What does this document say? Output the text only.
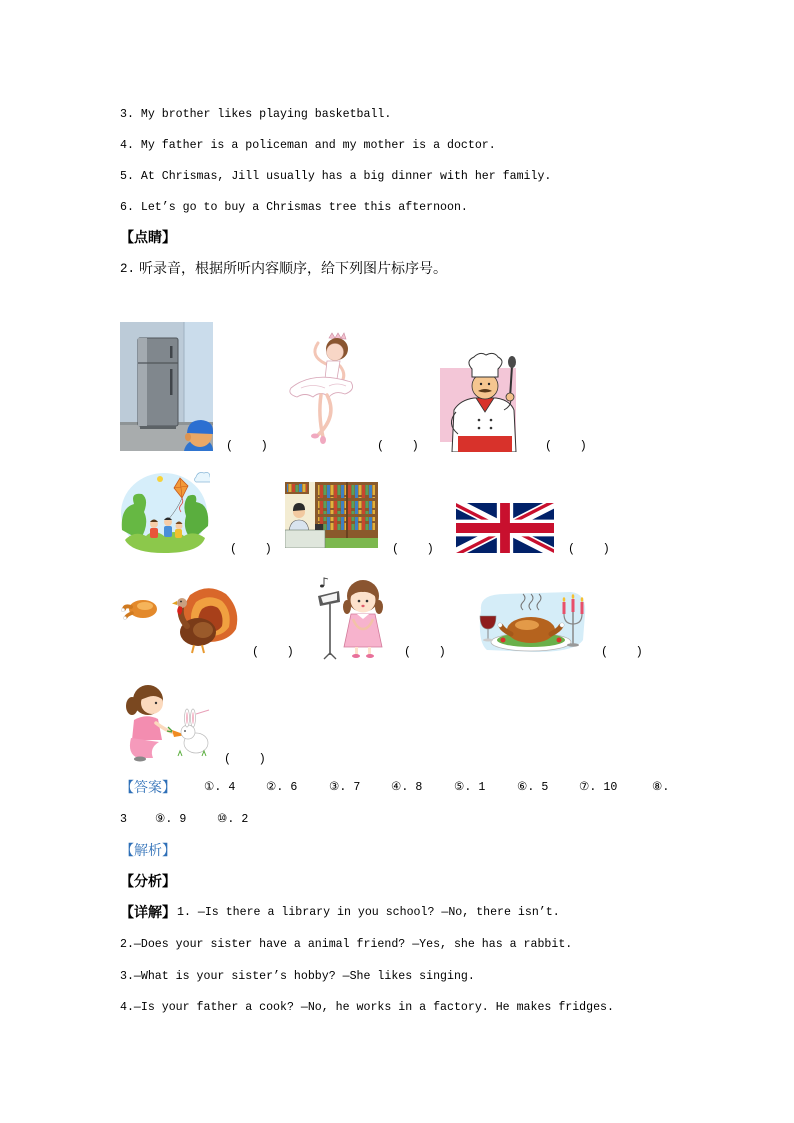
3. My brother likes playing basketball.
4. My father is a policeman and my mother is a doctor.
5. At Chrismas, Jill usually has a big dinner with her family.
6. Let’s go to buy a Chrismas tree this afternoon.
【点睛】
2. 听录音，根据所听内容顺序，给下列图片标序号。
(    )	(    )	(    )
(    )	(    )	(    )
(    )	(    )	(    )
(    )
【答案】 ①. 4	②. 6	③. 7	④. 8	⑤. 1	⑥. 5	⑦. 10	⑧.
3 ⑨. 9	⑩. 2
【解析】
【分析】
【详解】 1. —Is there a library in you school? —No, there isn’t.
2.—Does your sister have a animal friend? —Yes, she has a rabbit.
3.—What is your sister’s hobby? —She likes singing.
4.—Is your father a cook? —No, he works in a factory. He makes fridges.
